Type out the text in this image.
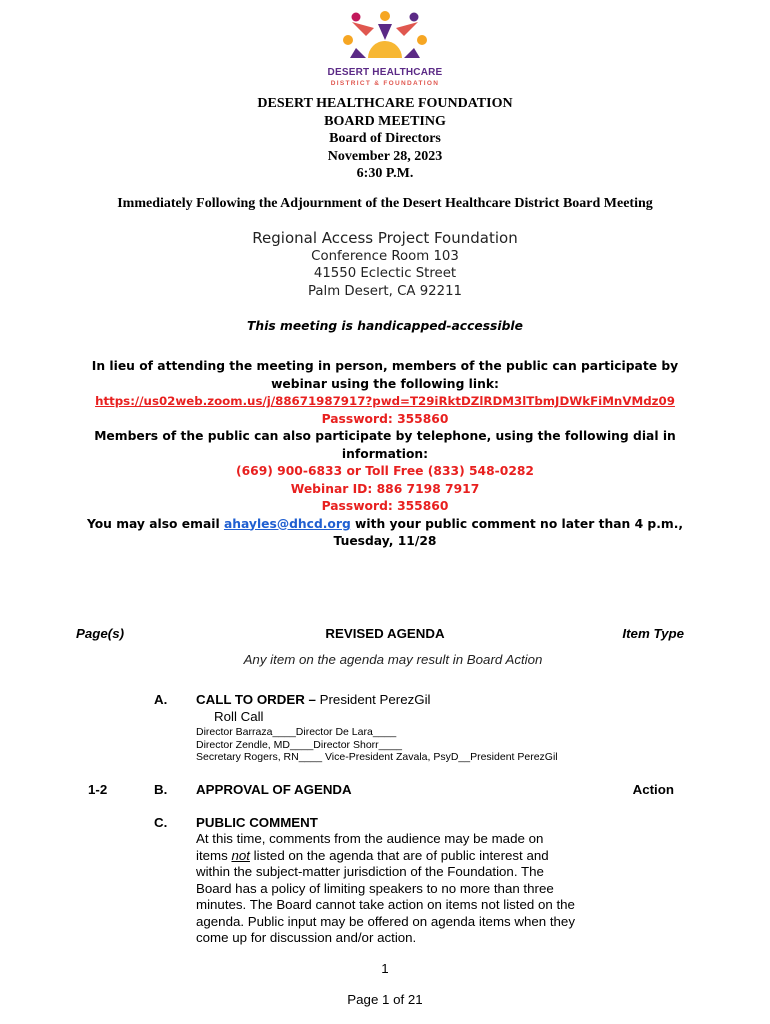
DESERT HEALTHCARE
DISTRICT & FOUNDATION
DESERT HEALTHCARE FOUNDATION
BOARD MEETING
Board of Directors
November 28, 2023
6:30 P.M.
Immediately Following the Adjournment of the Desert Healthcare District Board Meeting
Regional Access Project Foundation
Conference Room 103
41550 Eclectic Street
Palm Desert, CA 92211
This meeting is handicapped-accessible
In lieu of attending the meeting in person, members of the public can participate by
webinar using the following link:
https://us02web.zoom.us/j/88671987917?pwd=T29iRktDZlRDM3lTbmJDWkFiMnVMdz09
Password: 355860
Members of the public can also participate by telephone, using the following dial in
information:
(669) 900-6833 or Toll Free (833) 548-0282
Webinar ID: 886 7198 7917
Password: 355860
You may also email ahayles@dhcd.org with your public comment no later than 4 p.m.,
Tuesday, 11/28
Page(s)	REVISED AGENDA	Item Type
Any item on the agenda may result in Board Action
A. CALL TO ORDER – President PerezGil
Roll Call
Director Barraza____Director De Lara____
Director Zendle, MD____Director Shorr____
Secretary Rogers, RN____ Vice-President Zavala, PsyD__President PerezGil
1-2	B. APPROVAL OF AGENDA	Action
C. PUBLIC COMMENT
At this time, comments from the audience may be made on
items not listed on the agenda that are of public interest and
within the subject-matter jurisdiction of the Foundation. The
Board has a policy of limiting speakers to no more than three
minutes. The Board cannot take action on items not listed on the
agenda. Public input may be offered on agenda items when they
come up for discussion and/or action.
1
Page 1 of 21
